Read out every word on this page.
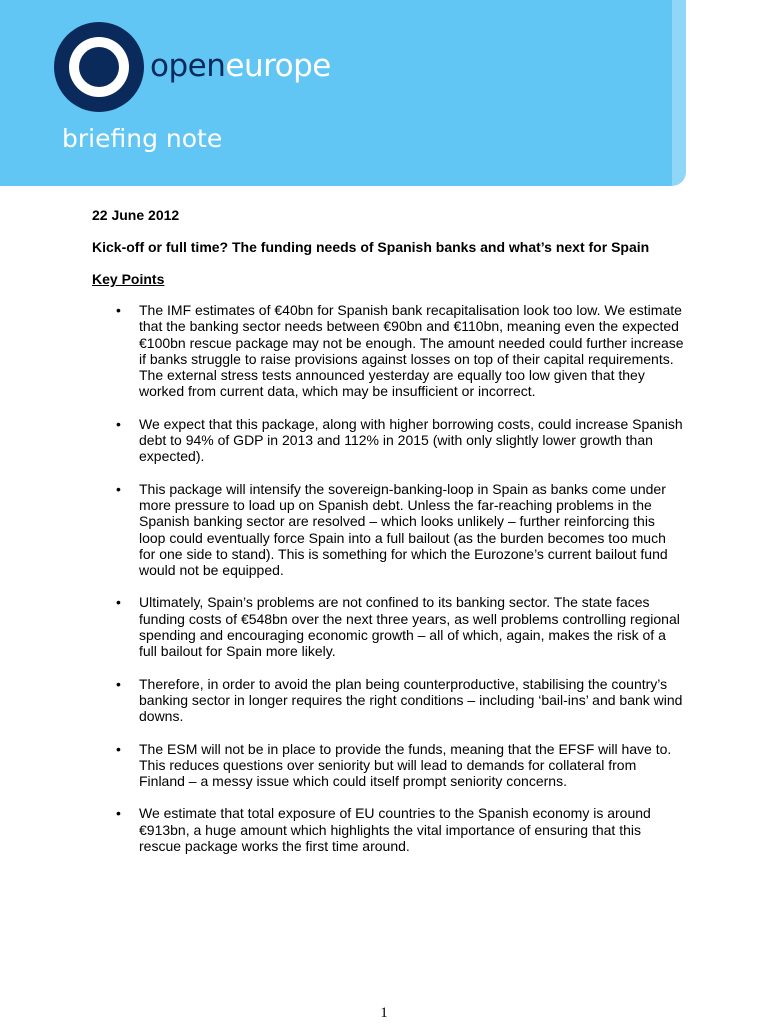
openeurope
briefing note
22 June 2012
Kick-off or full time? The funding needs of Spanish banks and what’s next for Spain
Key Points
• The IMF estimates of €40bn for Spanish bank recapitalisation look too low. We estimate that the banking sector needs between €90bn and €110bn, meaning even the expected €100bn rescue package may not be enough. The amount needed could further increase if banks struggle to raise provisions against losses on top of their capital requirements. The external stress tests announced yesterday are equally too low given that they worked from current data, which may be insufficient or incorrect.
• We expect that this package, along with higher borrowing costs, could increase Spanish debt to 94% of GDP in 2013 and 112% in 2015 (with only slightly lower growth than expected).
• This package will intensify the sovereign-banking-loop in Spain as banks come under more pressure to load up on Spanish debt. Unless the far-reaching problems in the Spanish banking sector are resolved – which looks unlikely – further reinforcing this loop could eventually force Spain into a full bailout (as the burden becomes too much for one side to stand). This is something for which the Eurozone’s current bailout fund would not be equipped.
• Ultimately, Spain’s problems are not confined to its banking sector. The state faces funding costs of €548bn over the next three years, as well problems controlling regional spending and encouraging economic growth – all of which, again, makes the risk of a full bailout for Spain more likely.
• Therefore, in order to avoid the plan being counterproductive, stabilising the country’s banking sector in longer requires the right conditions – including ‘bail-ins’ and bank wind downs.
• The ESM will not be in place to provide the funds, meaning that the EFSF will have to. This reduces questions over seniority but will lead to demands for collateral from Finland – a messy issue which could itself prompt seniority concerns.
• We estimate that total exposure of EU countries to the Spanish economy is around €913bn, a huge amount which highlights the vital importance of ensuring that this rescue package works the first time around.
1
